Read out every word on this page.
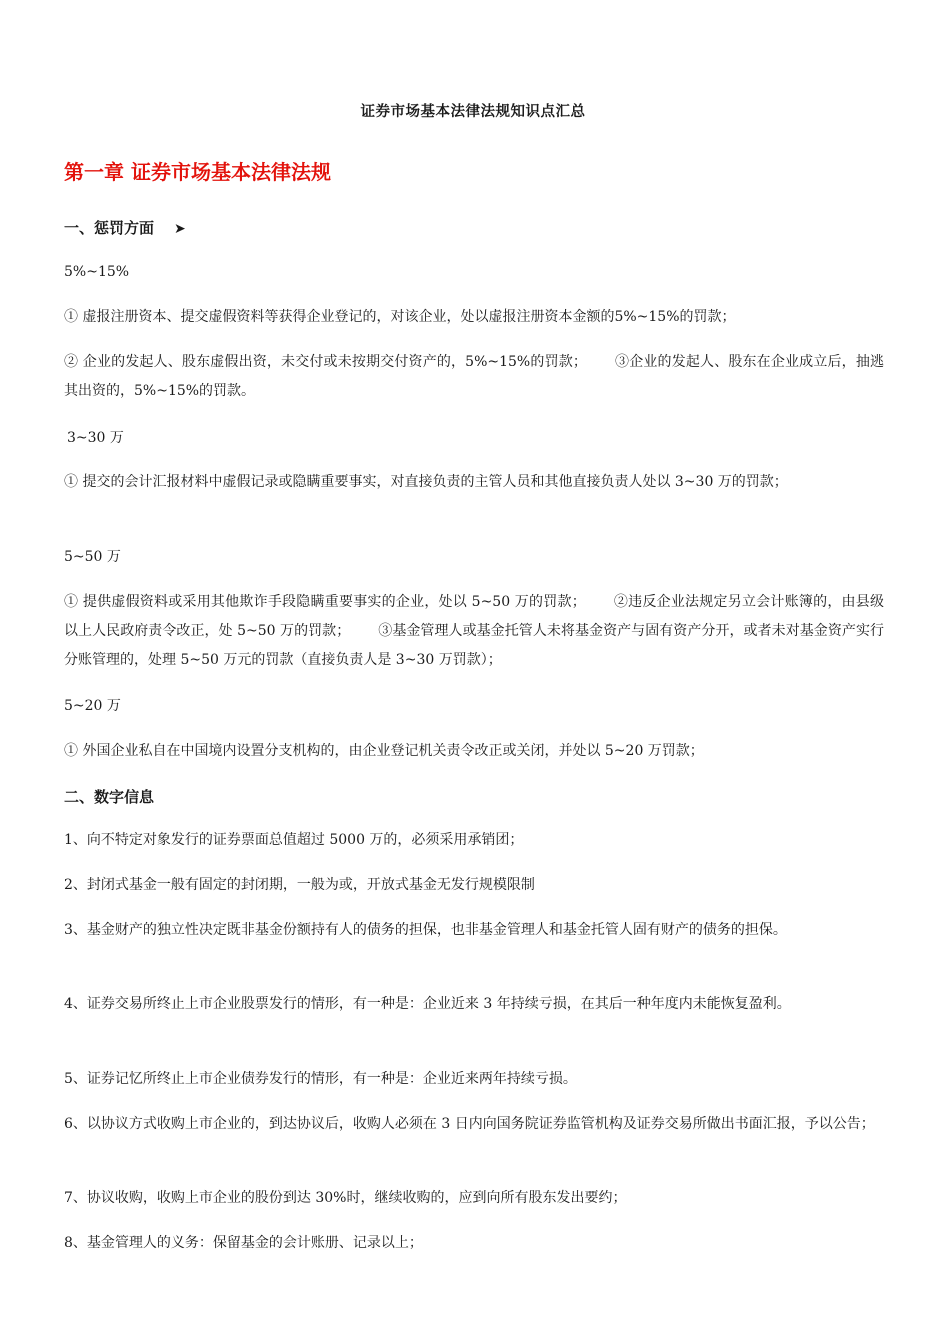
证券市场基本法律法规知识点汇总
第一章 证券市场基本法律法规
一、惩罚方面 ➤
5%~15%
① 虚报注册资本、提交虚假资料等获得企业登记的，对该企业，处以虚报注册资本金额的5%~15%的罚款；
② 企业的发起人、股东虚假出资，未交付或未按期交付资产的，5%~15%的罚款； ③企业的发起人、股东在企业成立后，抽逃其出资的，5%~15%的罚款。
3~30 万
① 提交的会计汇报材料中虚假记录或隐瞒重要事实，对直接负责的主管人员和其他直接负责人处以 3~30 万的罚款；
5~50 万
① 提供虚假资料或采用其他欺诈手段隐瞒重要事实的企业，处以 5~50 万的罚款； ②违反企业法规定另立会计账簿的，由县级以上人民政府责令改正，处 5~50 万的罚款； ③基金管理人或基金托管人未将基金资产与固有资产分开，或者未对基金资产实行分账管理的，处理 5~50 万元的罚款（直接负责人是 3~30 万罚款）；
5~20 万
① 外国企业私自在中国境内设置分支机构的，由企业登记机关责令改正或关闭，并处以 5~20 万罚款；
二、数字信息
1、向不特定对象发行的证券票面总值超过 5000 万的，必须采用承销团；
2、封闭式基金一般有固定的封闭期，一般为或，开放式基金无发行规模限制
3、基金财产的独立性决定既非基金份额持有人的债务的担保，也非基金管理人和基金托管人固有财产的债务的担保。
4、证券交易所终止上市企业股票发行的情形，有一种是：企业近来 3 年持续亏损，在其后一种年度内未能恢复盈利。
5、证券记忆所终止上市企业债券发行的情形，有一种是：企业近来两年持续亏损。
6、以协议方式收购上市企业的，到达协议后，收购人必须在 3 日内向国务院证券监管机构及证券交易所做出书面汇报，予以公告；
7、协议收购，收购上市企业的股份到达 30%时，继续收购的，应到向所有股东发出要约；
8、基金管理人的义务：保留基金的会计账册、记录以上；
